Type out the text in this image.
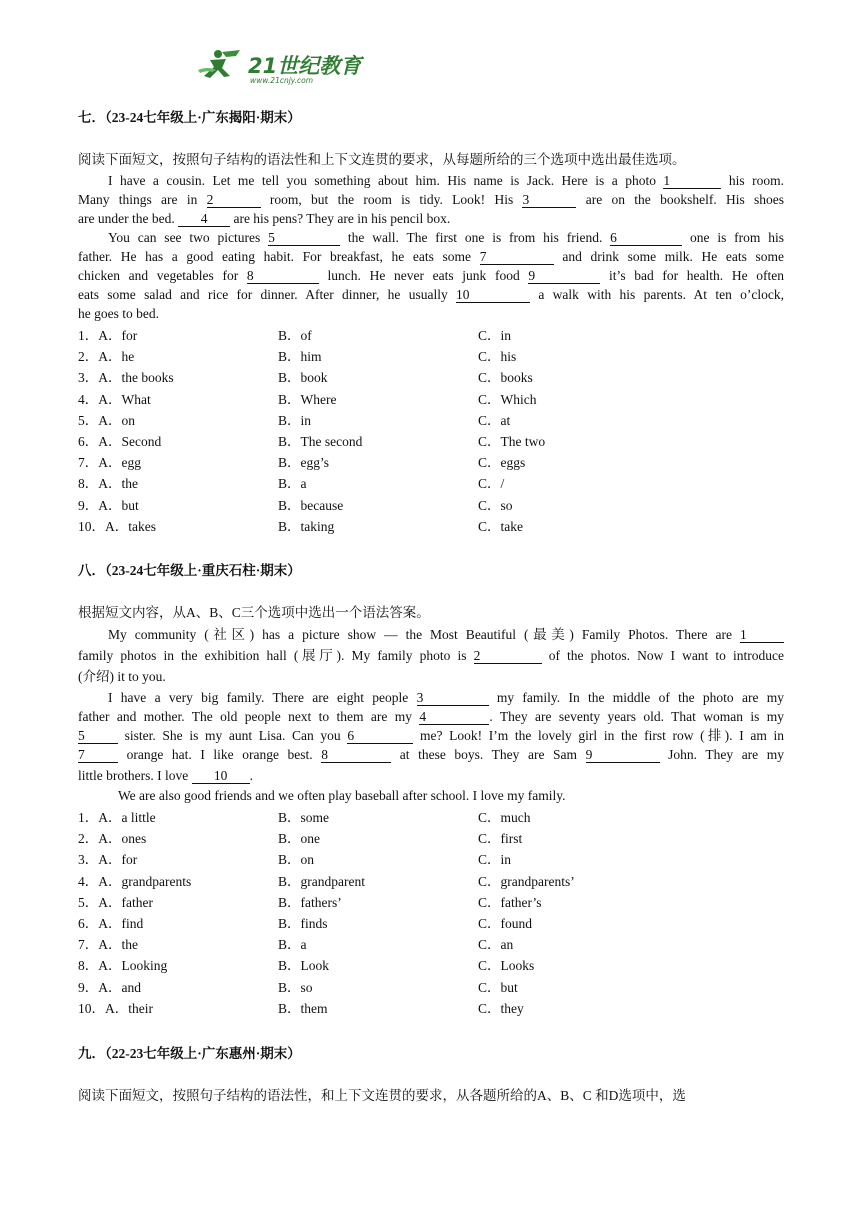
21世纪教育
www.21cnjy.com
七．（23-24七年级上·广东揭阳·期末）
阅读下面短文，按照句子结构的语法性和上下文连贯的要求，从每题所给的三个选项中选出最佳选项。
I have a cousin. Let me tell you something about him. His name is Jack. Here is a photo 1	his room.
Many things are in 2	room, but the room is tidy. Look! His 3	are on the bookshelf. His shoes
are under the bed. 4 are his pens? They are in his pencil box.
You can see two pictures 5	the wall. The first one is from his friend. 6	one is from his
father. He has a good eating habit. For breakfast, he eats some 7	and drink some milk. He eats some
chicken and vegetables for 8	lunch. He never eats junk food 9	it’s bad for health. He often
eats some salad and rice for dinner. After dinner, he usually 10	a walk with his parents. At ten o’clock,
he goes to bed.
1．A．for	B．of	C．in
2．A．he	B．him	C．his
3．A．the books	B．book	C．books
4．A．What	B．Where	C．Which
5．A．on	B．in	C．at
6．A．Second	B．The second	C．The two
7．A．egg	B．egg’s	C．eggs
8．A．the	B．a	C．/
9．A．but	B．because	C．so
10．A．takes	B．taking	C．take
八．（23-24七年级上·重庆石柱·期末）
根据短文内容，从A、B、C三个选项中选出一个语法答案。
My community (社区) has a picture show — the Most Beautiful (最美) Family Photos. There are 1
family photos in the exhibition hall (展厅). My family photo is 2	of the photos. Now I want to introduce
(介绍) it to you.
I have a very big family. There are eight people 3	my family. In the middle of the photo are my
father and mother. The old people next to them are my 4	. They are seventy years old. That woman is my
5 sister. She is my aunt Lisa. Can you 6	me? Look! I’m the lovely girl in the first row (排). I am in
7 orange hat. I like orange best. 8	at these boys. They are Sam 9	John. They are my
little brothers. I love 10 .
We are also good friends and we often play baseball after school. I love my family.
1．A．a little	B．some	C．much
2．A．ones	B．one	C．first
3．A．for	B．on	C．in
4．A．grandparents	B．grandparent	C．grandparents’
5．A．father	B．fathers’	C．father’s
6．A．find	B．finds	C．found
7．A．the	B．a	C．an
8．A．Looking	B．Look	C．Looks
9．A．and	B．so	C．but
10．A．their	B．them	C．they
九．（22-23七年级上·广东惠州·期末）
阅读下面短文，按照句子结构的语法性，和上下文连贯的要求，从各题所给的A、B、C 和D选项中，选
